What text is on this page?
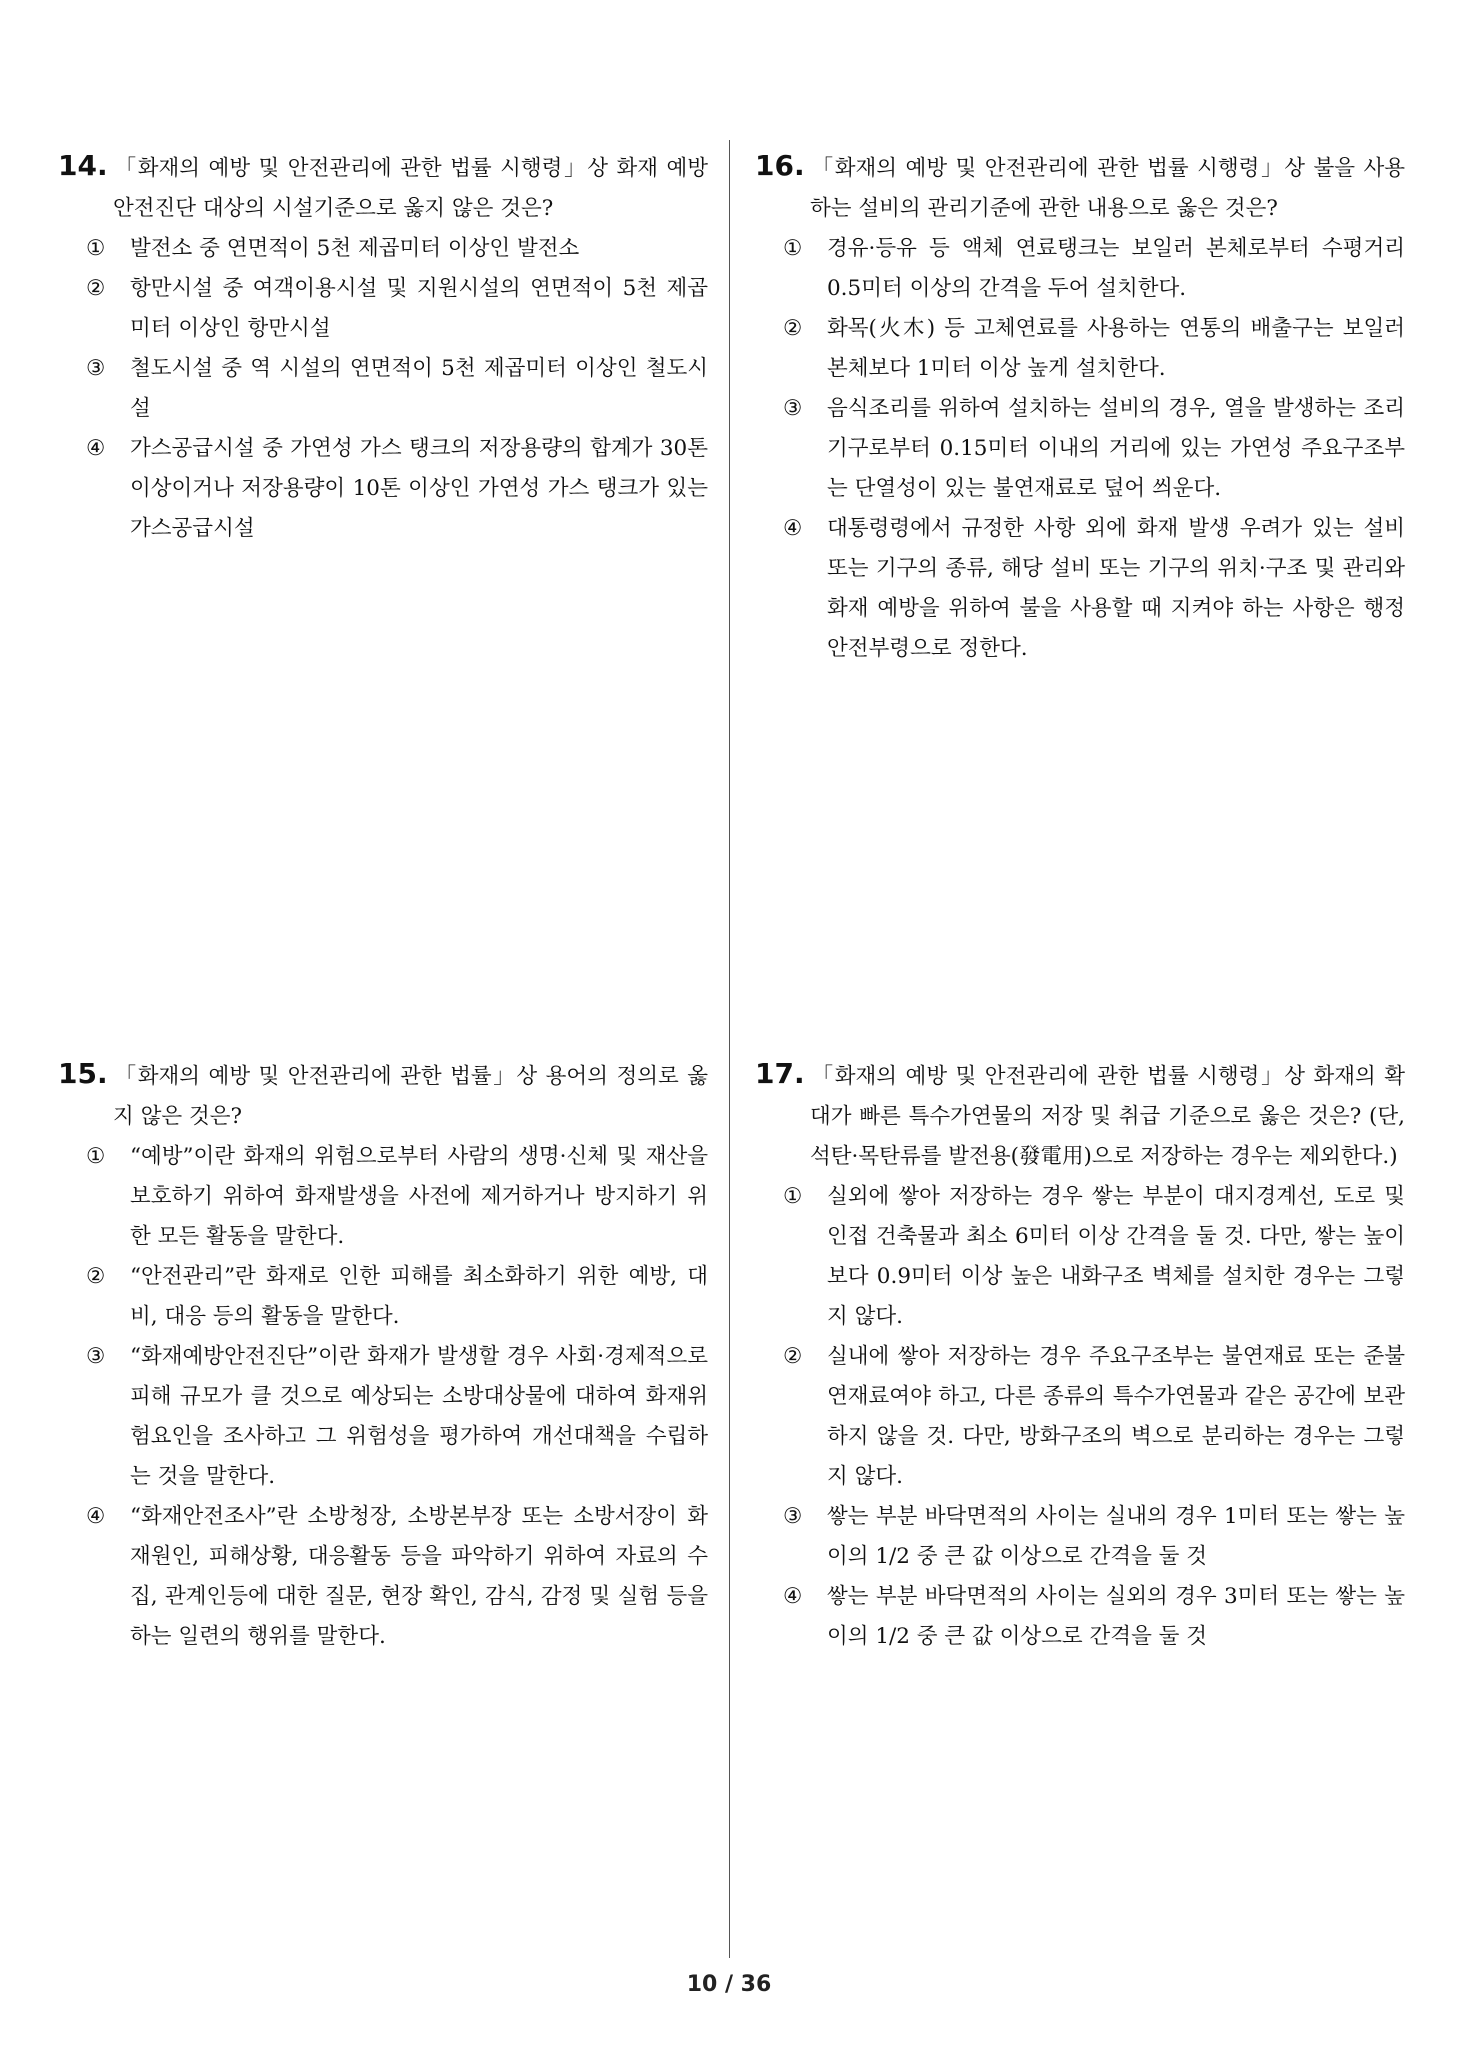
14. 「화재의 예방 및 안전관리에 관한 법률 시행령」상 화재 예방안전진단 대상의 시설기준으로 옳지 않은 것은?
①	발전소 중 연면적이 5천 제곱미터 이상인 발전소
②	항만시설 중 여객이용시설 및 지원시설의 연면적이 5천 제곱미터 이상인 항만시설
③	철도시설 중 역 시설의 연면적이 5천 제곱미터 이상인 철도시설
④	가스공급시설 중 가연성 가스 탱크의 저장용량의 합계가 30톤 이상이거나 저장용량이 10톤 이상인 가연성 가스 탱크가 있는 가스공급시설
16. 「화재의 예방 및 안전관리에 관한 법률 시행령」상 불을 사용하는 설비의 관리기준에 관한 내용으로 옳은 것은?
①	경유·등유 등 액체 연료탱크는 보일러 본체로부터 수평거리 0.5미터 이상의 간격을 두어 설치한다.
②	화목(火木) 등 고체연료를 사용하는 연통의 배출구는 보일러 본체보다 1미터 이상 높게 설치한다.
③	음식조리를 위하여 설치하는 설비의 경우, 열을 발생하는 조리기구로부터 0.15미터 이내의 거리에 있는 가연성 주요구조부는 단열성이 있는 불연재료로 덮어 씌운다.
④	대통령령에서 규정한 사항 외에 화재 발생 우려가 있는 설비 또는 기구의 종류, 해당 설비 또는 기구의 위치·구조 및 관리와 화재 예방을 위하여 불을 사용할 때 지켜야 하는 사항은 행정안전부령으로 정한다.
15. 「화재의 예방 및 안전관리에 관한 법률」상 용어의 정의로 옳지 않은 것은?
①	“예방”이란 화재의 위험으로부터 사람의 생명·신체 및 재산을 보호하기 위하여 화재발생을 사전에 제거하거나 방지하기 위한 모든 활동을 말한다.
②	“안전관리”란 화재로 인한 피해를 최소화하기 위한 예방, 대비, 대응 등의 활동을 말한다.
③	“화재예방안전진단”이란 화재가 발생할 경우 사회·경제적으로 피해 규모가 클 것으로 예상되는 소방대상물에 대하여 화재위험요인을 조사하고 그 위험성을 평가하여 개선대책을 수립하는 것을 말한다.
④	“화재안전조사”란 소방청장, 소방본부장 또는 소방서장이 화재원인, 피해상황, 대응활동 등을 파악하기 위하여 자료의 수집, 관계인등에 대한 질문, 현장 확인, 감식, 감정 및 실험 등을 하는 일련의 행위를 말한다.
17. 「화재의 예방 및 안전관리에 관한 법률 시행령」상 화재의 확대가 빠른 특수가연물의 저장 및 취급 기준으로 옳은 것은? (단, 석탄·목탄류를 발전용(發電用)으로 저장하는 경우는 제외한다.)
①	실외에 쌓아 저장하는 경우 쌓는 부분이 대지경계선, 도로 및 인접 건축물과 최소 6미터 이상 간격을 둘 것. 다만, 쌓는 높이보다 0.9미터 이상 높은 내화구조 벽체를 설치한 경우는 그렇지 않다.
②	실내에 쌓아 저장하는 경우 주요구조부는 불연재료 또는 준불연재료여야 하고, 다른 종류의 특수가연물과 같은 공간에 보관하지 않을 것. 다만, 방화구조의 벽으로 분리하는 경우는 그렇지 않다.
③	쌓는 부분 바닥면적의 사이는 실내의 경우 1미터 또는 쌓는 높이의 1/2 중 큰 값 이상으로 간격을 둘 것
④	쌓는 부분 바닥면적의 사이는 실외의 경우 3미터 또는 쌓는 높이의 1/2 중 큰 값 이상으로 간격을 둘 것
10 / 36
